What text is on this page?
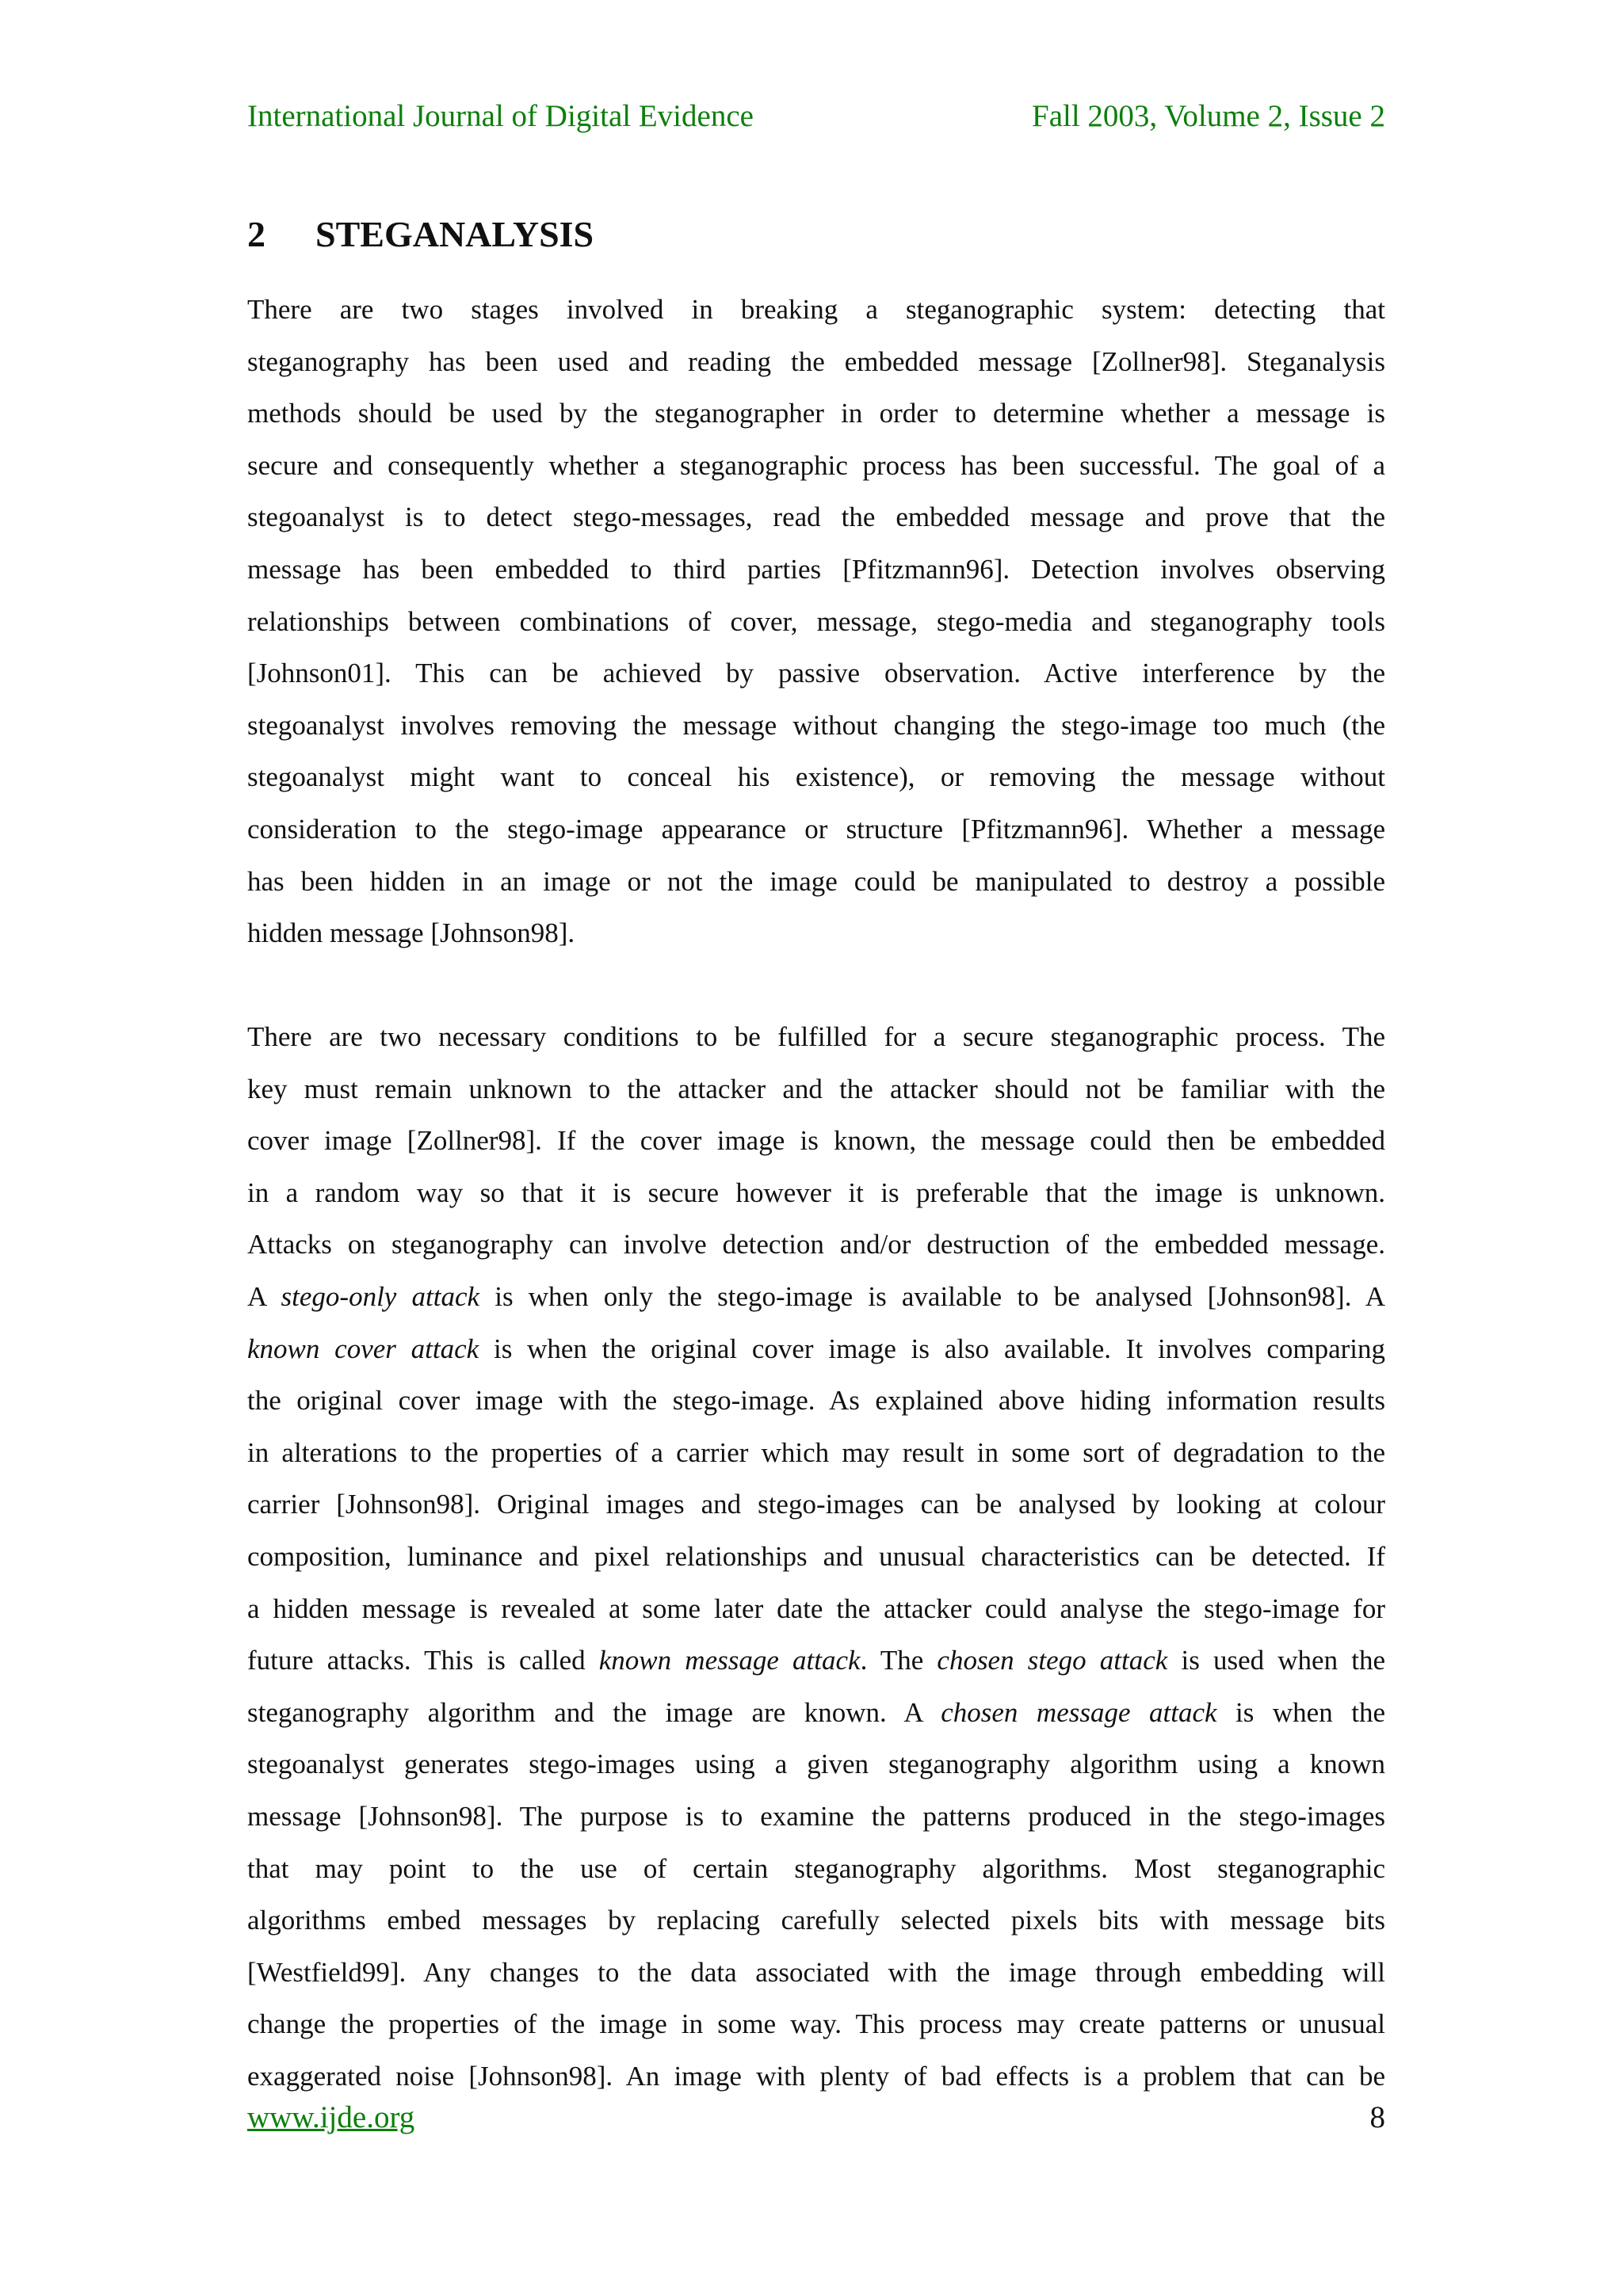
International Journal of Digital Evidence	Fall 2003, Volume 2, Issue 2
2	STEGANALYSIS
There are two stages involved in breaking a steganographic system: detecting that
steganography has been used and reading the embedded message [Zollner98]. Steganalysis
methods should be used by the steganographer in order to determine whether a message is
secure and consequently whether a steganographic process has been successful. The goal of a
stegoanalyst is to detect stego-messages, read the embedded message and prove that the
message has been embedded to third parties [Pfitzmann96]. Detection involves observing
relationships between combinations of cover, message, stego-media and steganography tools
[Johnson01]. This can be achieved by passive observation. Active interference by the
stegoanalyst involves removing the message without changing the stego-image too much (the
stegoanalyst might want to conceal his existence), or removing the message without
consideration to the stego-image appearance or structure [Pfitzmann96]. Whether a message
has been hidden in an image or not the image could be manipulated to destroy a possible
hidden message [Johnson98].
There are two necessary conditions to be fulfilled for a secure steganographic process. The
key must remain unknown to the attacker and the attacker should not be familiar with the
cover image [Zollner98]. If the cover image is known, the message could then be embedded
in a random way so that it is secure however it is preferable that the image is unknown.
Attacks on steganography can involve detection and/or destruction of the embedded message.
A stego-only attack is when only the stego-image is available to be analysed [Johnson98]. A
known cover attack is when the original cover image is also available. It involves comparing
the original cover image with the stego-image. As explained above hiding information results
in alterations to the properties of a carrier which may result in some sort of degradation to the
carrier [Johnson98]. Original images and stego-images can be analysed by looking at colour
composition, luminance and pixel relationships and unusual characteristics can be detected. If
a hidden message is revealed at some later date the attacker could analyse the stego-image for
future attacks. This is called known message attack. The chosen stego attack is used when the
steganography algorithm and the image are known. A chosen message attack is when the
stegoanalyst generates stego-images using a given steganography algorithm using a known
message [Johnson98]. The purpose is to examine the patterns produced in the stego-images
that may point to the use of certain steganography algorithms. Most steganographic
algorithms embed messages by replacing carefully selected pixels bits with message bits
[Westfield99]. Any changes to the data associated with the image through embedding will
change the properties of the image in some way. This process may create patterns or unusual
exaggerated noise [Johnson98]. An image with plenty of bad effects is a problem that can be
www.ijde.org	8
